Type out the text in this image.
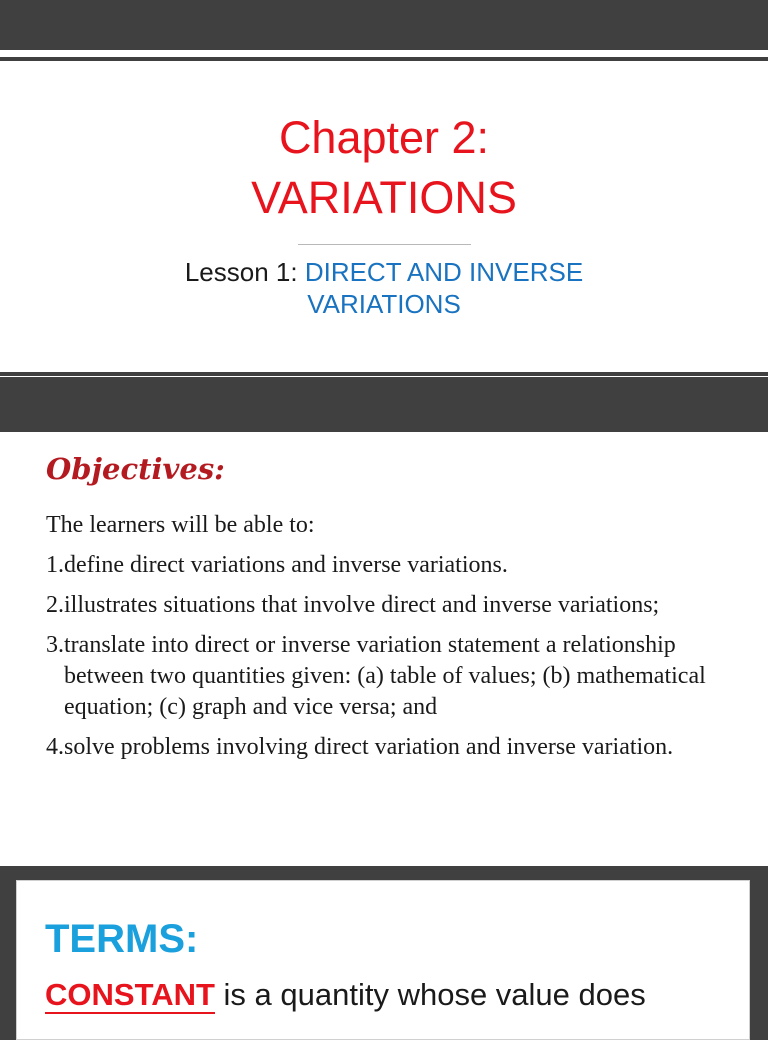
Chapter 2:
VARIATIONS
Lesson 1: DIRECT AND INVERSE
VARIATIONS
Objectives:

The learners will be able to:

1. define direct variations and inverse variations.
2. illustrates situations that involve direct and inverse variations;
3. translate into direct or inverse variation statement a relationship between two quantities given: (a) table of values; (b) mathematical equation; (c) graph and vice versa; and
4. solve problems involving direct variation and inverse variation.
TERMS:
CONSTANT is a quantity whose value does
